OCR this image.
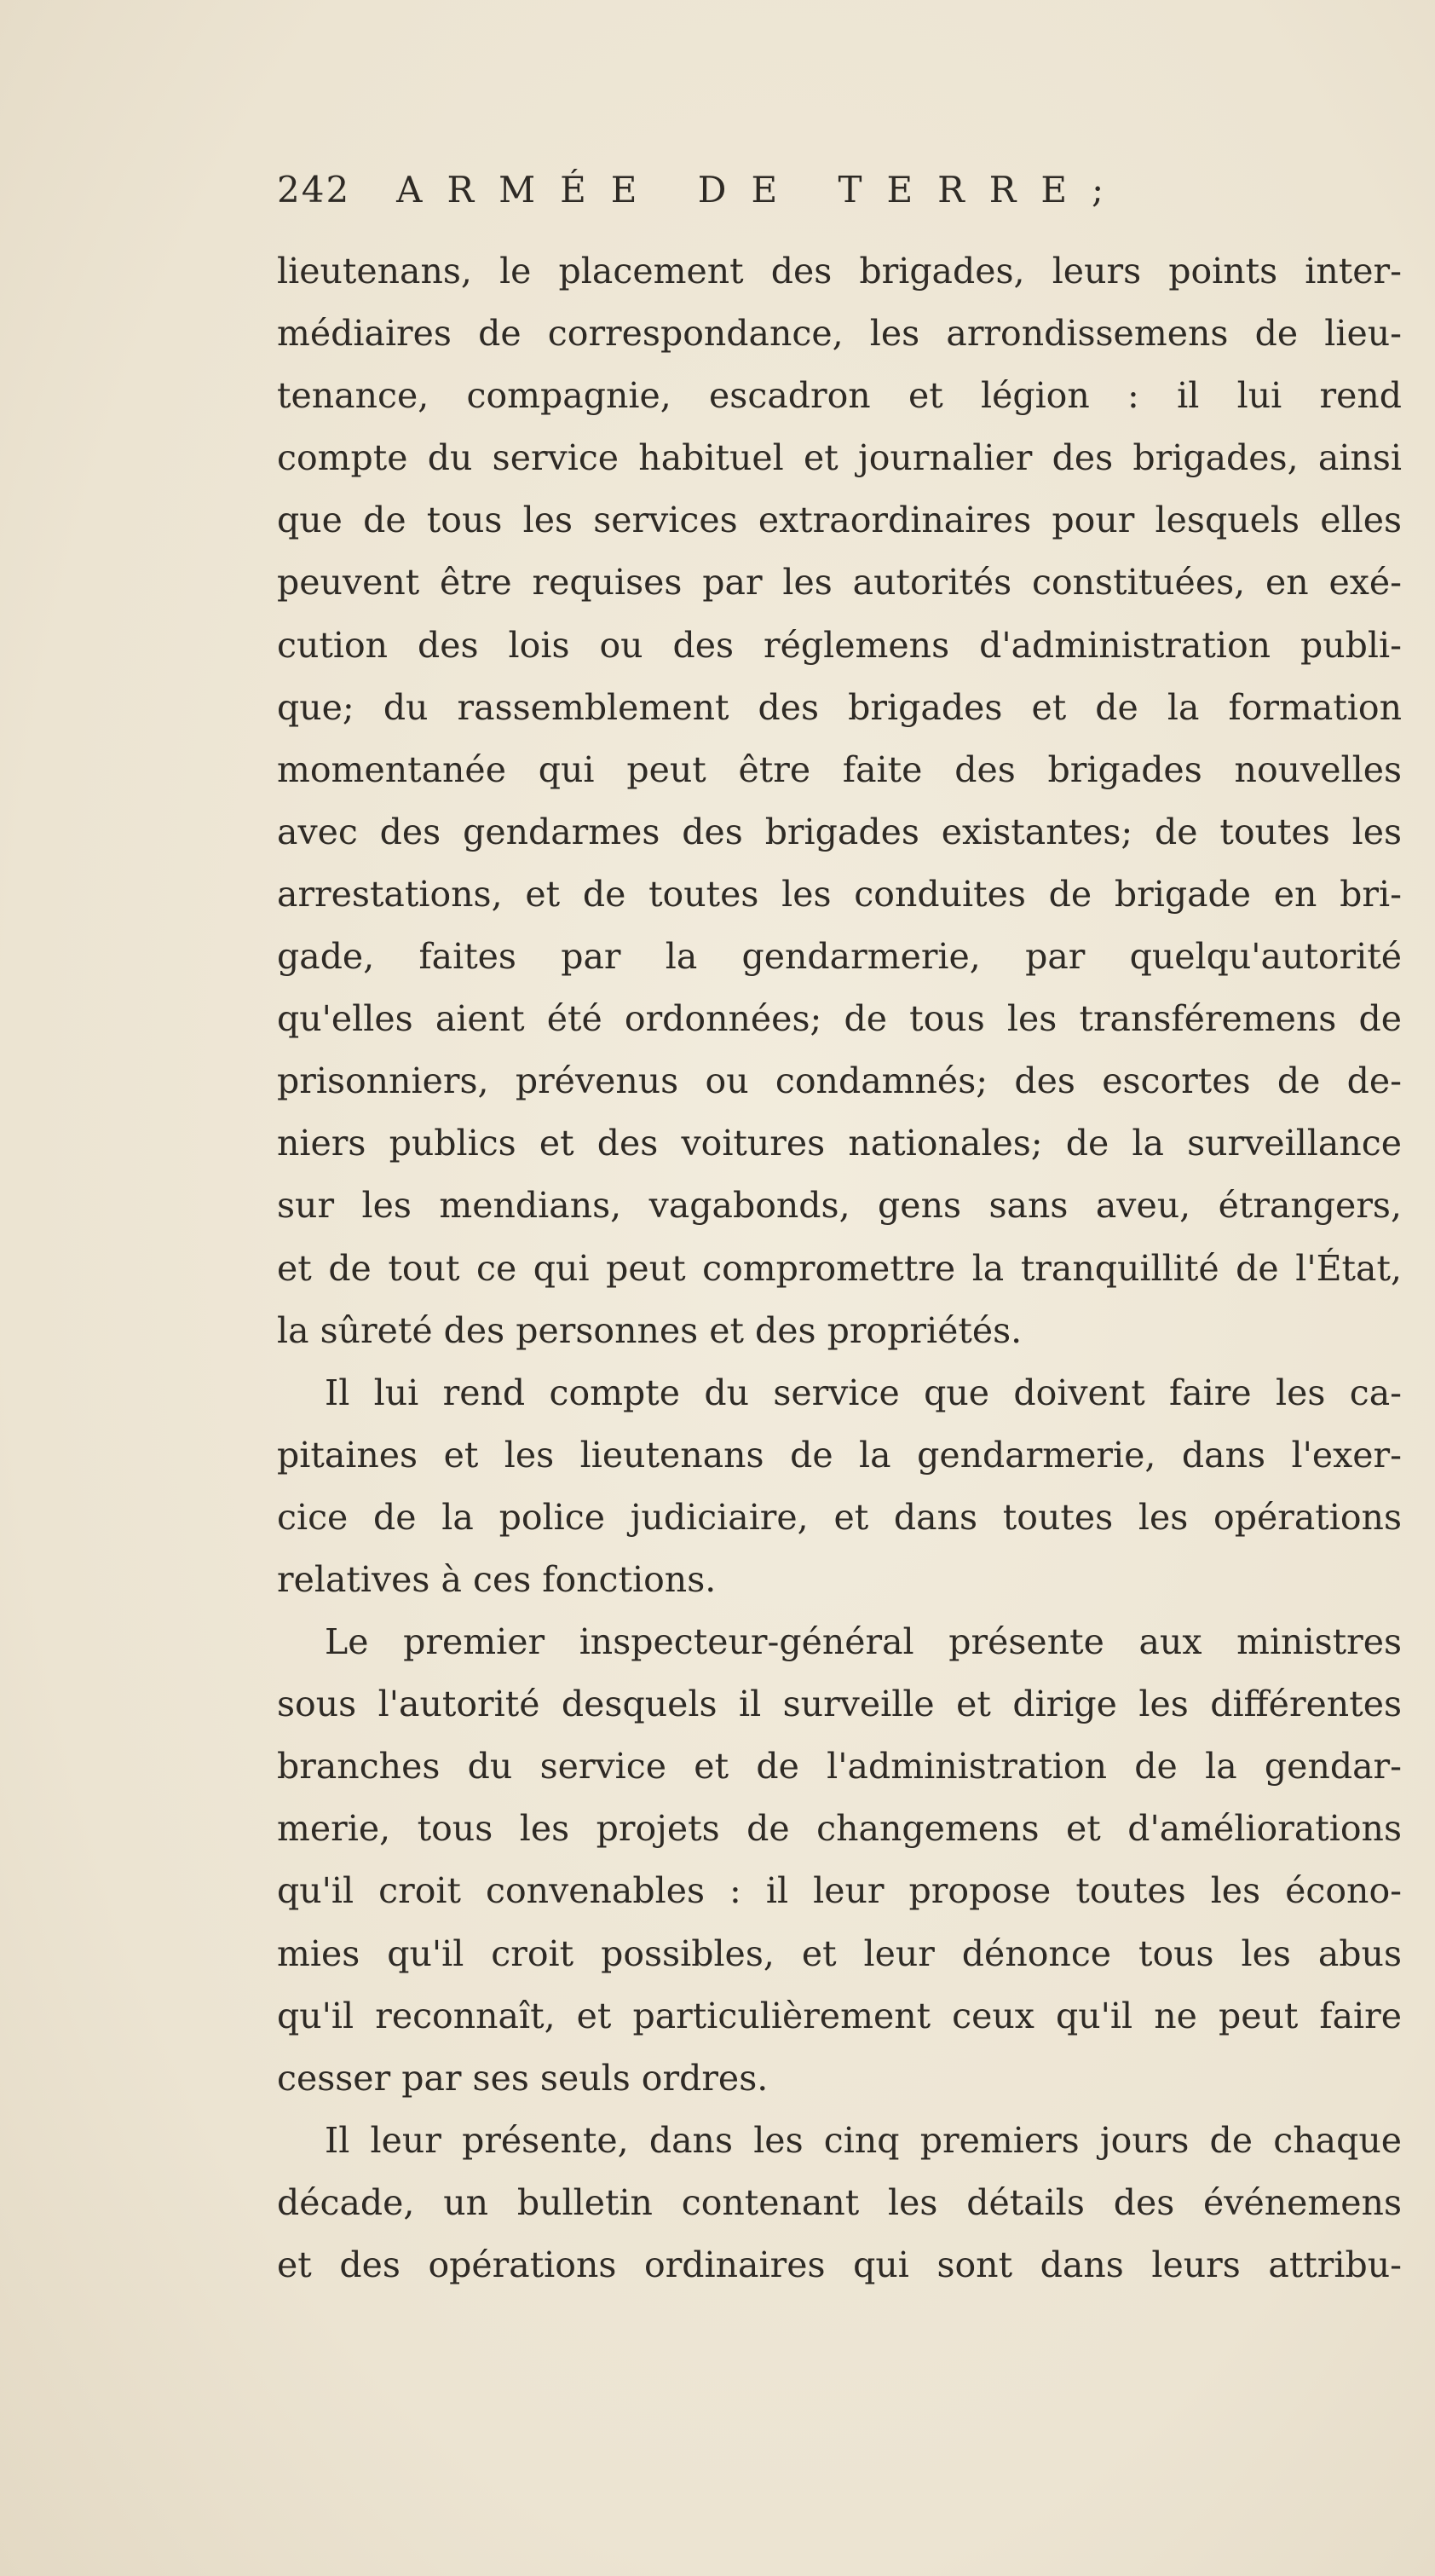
242 ARMÉE DE TERRE;
lieutenans, le placement des brigades, leurs points inter-
médiaires de correspondance, les arrondissemens de lieu-
tenance, compagnie, escadron et légion : il lui rend
compte du service habituel et journalier des brigades, ainsi
que de tous les services extraordinaires pour lesquels elles
peuvent être requises par les autorités constituées, en exé-
cution des lois ou des réglemens d'administration publi-
que; du rassemblement des brigades et de la formation
momentanée qui peut être faite des brigades nouvelles
avec des gendarmes des brigades existantes; de toutes les
arrestations, et de toutes les conduites de brigade en bri-
gade, faites par la gendarmerie, par quelqu'autorité
qu'elles aient été ordonnées; de tous les transféremens de
prisonniers, prévenus ou condamnés; des escortes de de-
niers publics et des voitures nationales; de la surveillance
sur les mendians, vagabonds, gens sans aveu, étrangers,
et de tout ce qui peut compromettre la tranquillité de l'État,
la sûreté des personnes et des propriétés.
Il lui rend compte du service que doivent faire les ca-
pitaines et les lieutenans de la gendarmerie, dans l'exer-
cice de la police judiciaire, et dans toutes les opérations
relatives à ces fonctions.
Le premier inspecteur-général présente aux ministres
sous l'autorité desquels il surveille et dirige les différentes
branches du service et de l'administration de la gendar-
merie, tous les projets de changemens et d'améliorations
qu'il croit convenables : il leur propose toutes les écono-
mies qu'il croit possibles, et leur dénonce tous les abus
qu'il reconnaît, et particulièrement ceux qu'il ne peut faire
cesser par ses seuls ordres.
Il leur présente, dans les cinq premiers jours de chaque
décade, un bulletin contenant les détails des événemens
et des opérations ordinaires qui sont dans leurs attribu-
